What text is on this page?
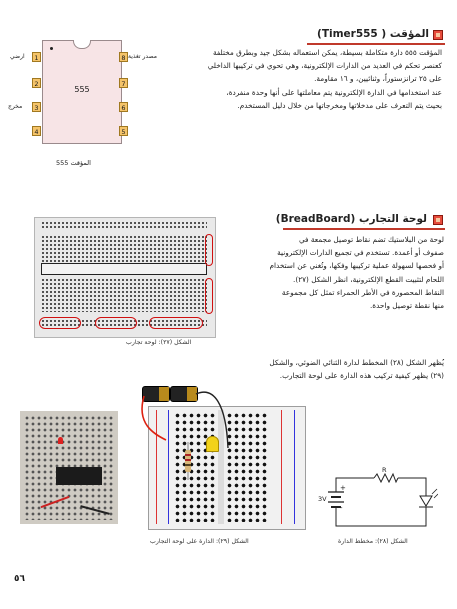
المؤقت ( Timer555)
المؤقت ٥٥٥ دارة متكاملة بسيطة، يمكن استعماله بشكل جيد وبطرق مختلفة
كعنصر تحكم في العديد من الدارات الإلكترونية، وهي تحوي في تركيبها الداخلي
على ٢٥ ترانزستوراً، وثنائيين، و ١٦ مقاومة.
عند استخدامها في الدارة الإلكترونية يتم معاملتها على أنها وحدة منفردة،
بحيث يتم التعرف على مدخلاتها ومخرجاتها من خلال دليل المستخدم.
555
1
2
3
4
8
7
6
5
ارضي
مخرج
المؤقت 555
مصدر تغذية
لوحة التجارب (BreadBoard)
الشكل (٢٧): لوحة تجارب
لوحة من البلاستيك تضم نقاط توصيل مجمعة في
صفوف أو أعمدة. تستخدم في تجميع الدارات الإلكترونية
أو فحصها لسهولة عملية تركيبها وفكها، وتُغني عن استخدام
اللحام لتثبيت القطع الإلكترونية، انظر الشكل (٢٧).
النقاط المحصورة في الأطر الحمراء تمثل كل مجموعة
منها نقطة توصيل واحدة.
يُظهر الشكل (٢٨) المخطط لدارة الثنائي الضوئي، والشكل
(٢٩) يظهر كيفية تركيب هذه الدارة على لوحة التجارب.
الشكل (٢٩): الدارة على لوحة التجارب
R
3V
+
-
الشكل (٢٨): مخطط الدارة
٥٦
